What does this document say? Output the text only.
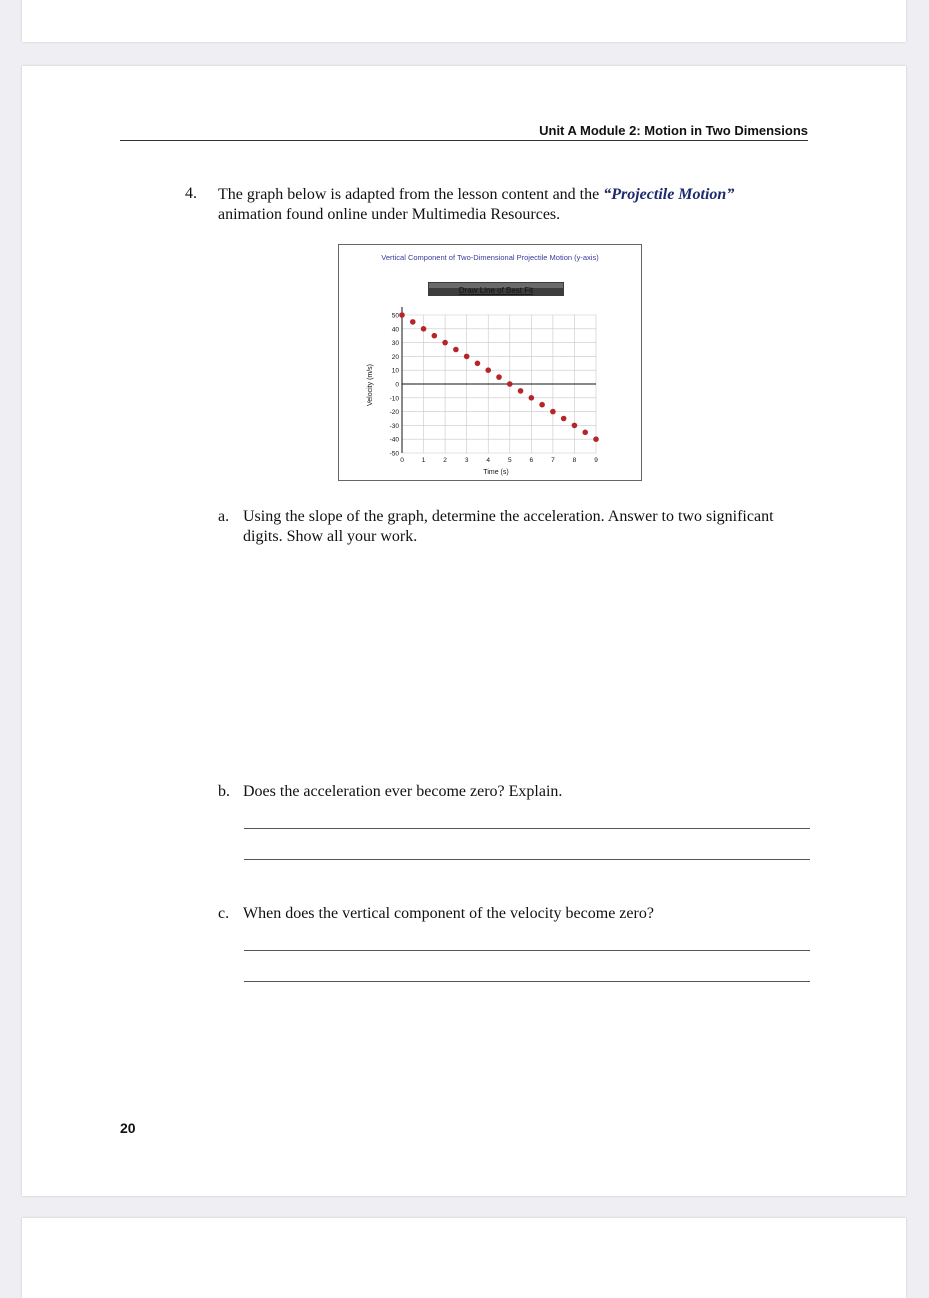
Unit A Module 2: Motion in Two Dimensions
4. The graph below is adapted from the lesson content and the “Projectile Motion” animation found online under Multimedia Resources.
Vertical Component of Two-Dimensional Projectile Motion (y-axis)
Draw Line of Best Fit
0	1	2	3	4	5	6	7	8	9
50
40
30
20
10
0
-10
-20
-30
-40
-50
Time (s)
Velocity (m/s)
a. Using the slope of the graph, determine the acceleration. Answer to two significant digits. Show all your work.
b. Does the acceleration ever become zero? Explain.
c. When does the vertical component of the velocity become zero?
20
